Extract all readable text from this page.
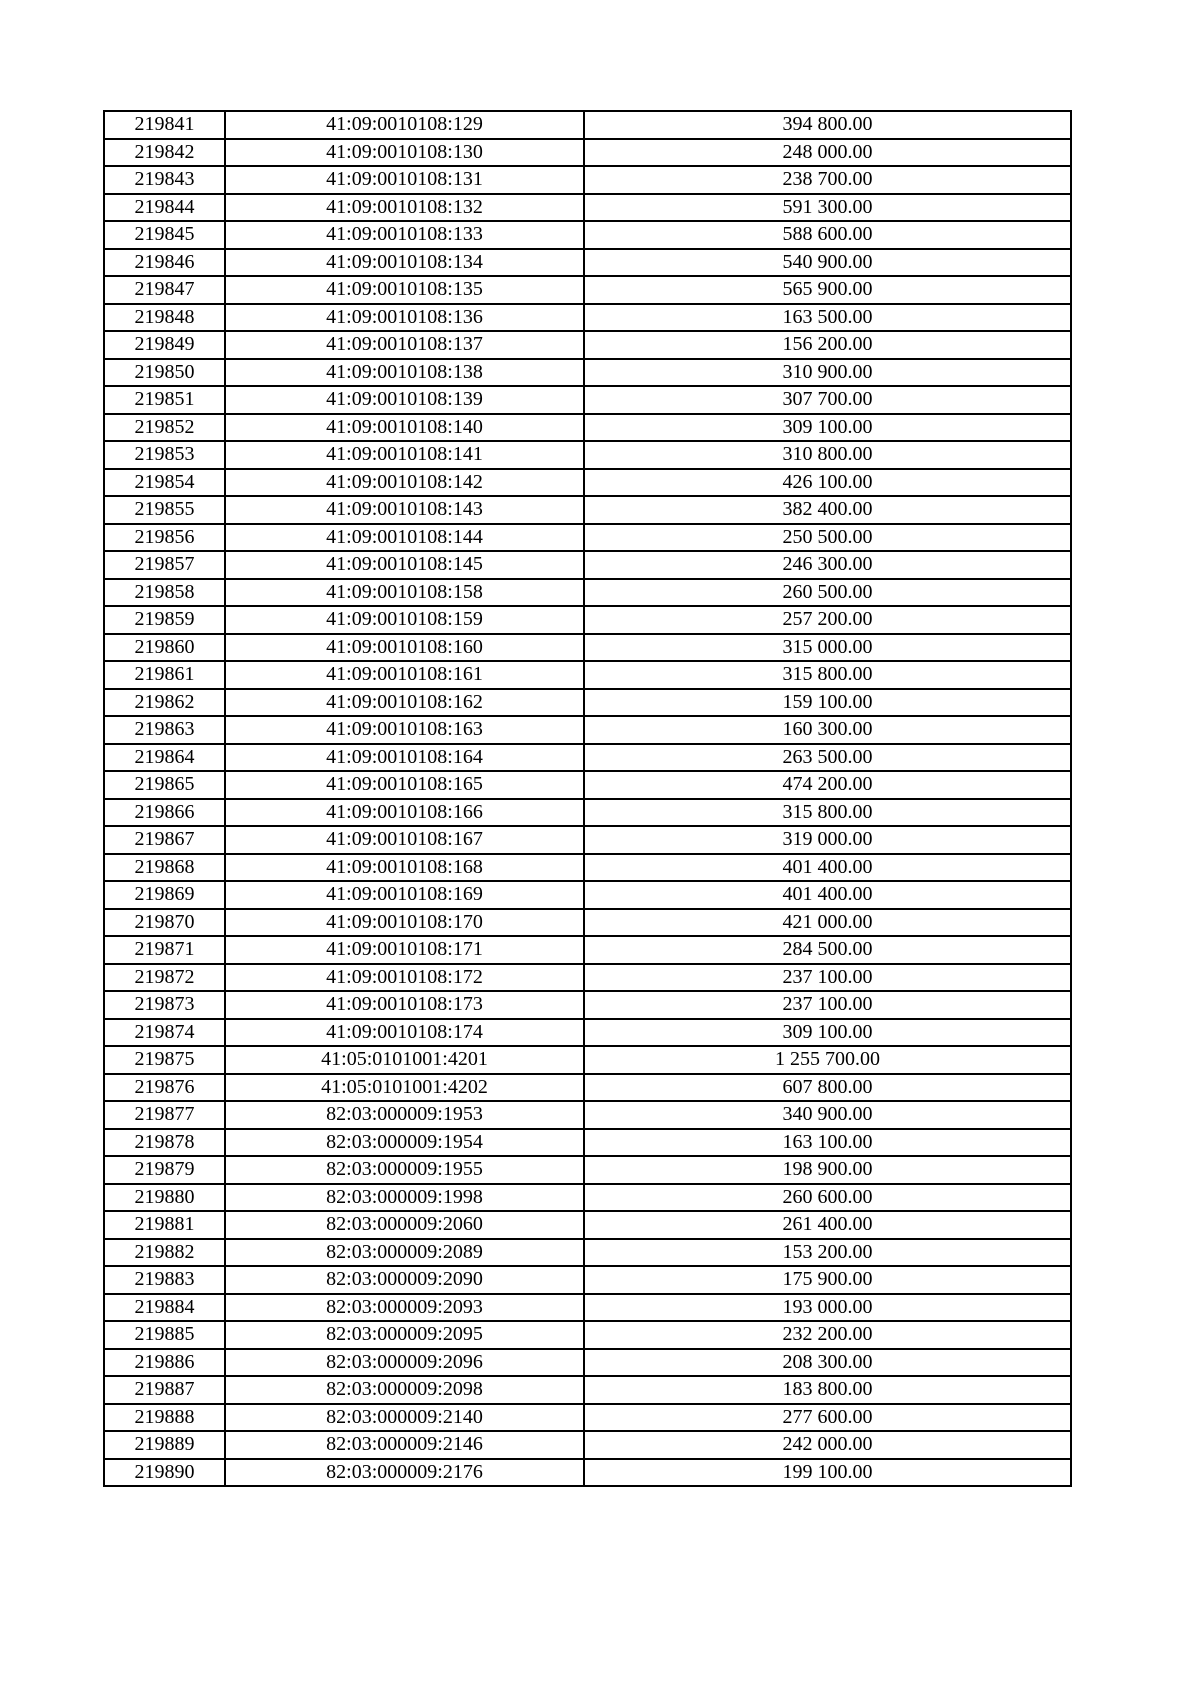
219841	41:09:0010108:129	394 800.00
219842	41:09:0010108:130	248 000.00
219843	41:09:0010108:131	238 700.00
219844	41:09:0010108:132	591 300.00
219845	41:09:0010108:133	588 600.00
219846	41:09:0010108:134	540 900.00
219847	41:09:0010108:135	565 900.00
219848	41:09:0010108:136	163 500.00
219849	41:09:0010108:137	156 200.00
219850	41:09:0010108:138	310 900.00
219851	41:09:0010108:139	307 700.00
219852	41:09:0010108:140	309 100.00
219853	41:09:0010108:141	310 800.00
219854	41:09:0010108:142	426 100.00
219855	41:09:0010108:143	382 400.00
219856	41:09:0010108:144	250 500.00
219857	41:09:0010108:145	246 300.00
219858	41:09:0010108:158	260 500.00
219859	41:09:0010108:159	257 200.00
219860	41:09:0010108:160	315 000.00
219861	41:09:0010108:161	315 800.00
219862	41:09:0010108:162	159 100.00
219863	41:09:0010108:163	160 300.00
219864	41:09:0010108:164	263 500.00
219865	41:09:0010108:165	474 200.00
219866	41:09:0010108:166	315 800.00
219867	41:09:0010108:167	319 000.00
219868	41:09:0010108:168	401 400.00
219869	41:09:0010108:169	401 400.00
219870	41:09:0010108:170	421 000.00
219871	41:09:0010108:171	284 500.00
219872	41:09:0010108:172	237 100.00
219873	41:09:0010108:173	237 100.00
219874	41:09:0010108:174	309 100.00
219875	41:05:0101001:4201	1 255 700.00
219876	41:05:0101001:4202	607 800.00
219877	82:03:000009:1953	340 900.00
219878	82:03:000009:1954	163 100.00
219879	82:03:000009:1955	198 900.00
219880	82:03:000009:1998	260 600.00
219881	82:03:000009:2060	261 400.00
219882	82:03:000009:2089	153 200.00
219883	82:03:000009:2090	175 900.00
219884	82:03:000009:2093	193 000.00
219885	82:03:000009:2095	232 200.00
219886	82:03:000009:2096	208 300.00
219887	82:03:000009:2098	183 800.00
219888	82:03:000009:2140	277 600.00
219889	82:03:000009:2146	242 000.00
219890	82:03:000009:2176	199 100.00
